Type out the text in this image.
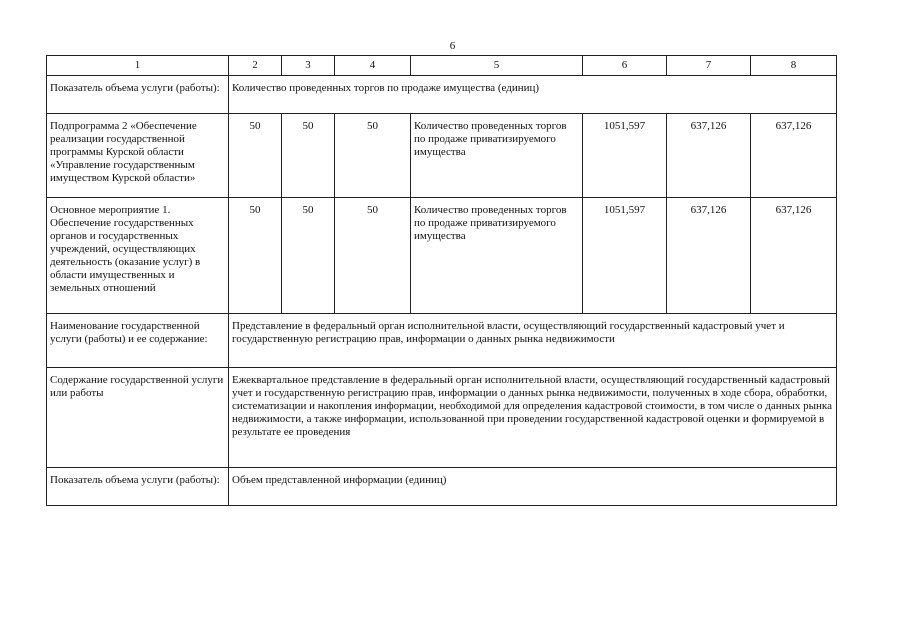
6
1	2	3	4	5	6	7	8
Показатель объема услуги (работы):	Количество проведенных торгов по продаже имущества (единиц)						
Подпрограмма 2 «Обеспечение реализации государственной программы Курской области «Управление государственным имуществом Курской области»	50	50	50	Количество проведенных торгов по продаже приватизируемого имущества	1051,597	637,126	637,126
Основное мероприятие 1. Обеспечение государственных органов и государственных учреждений, осуществляющих деятельность (оказание услуг) в области имущественных и земельных отношений	50	50	50	Количество проведенных торгов по продаже приватизируемого имущества	1051,597	637,126	637,126
Наименование государственной услуги (работы) и ее содержание:	Представление в федеральный орган исполнительной власти, осуществляющий государственный кадастровый учет и государственную регистрацию прав, информации о данных рынка недвижимости						
Содержание государственной услуги или работы	Ежеквартальное представление в федеральный орган исполнительной власти, осуществляющий государственный кадастровый учет и государственную регистрацию прав, информации о данных рынка недвижимости, полученных в ходе сбора, обработки, систематизации и накопления информации, необходимой для определения кадастровой стоимости, в том числе о данных рынка недвижимости, а также информации, использованной при проведении государственной кадастровой оценки и формируемой в результате ее проведения						
Показатель объема услуги (работы):	Объем представленной информации (единиц)						
